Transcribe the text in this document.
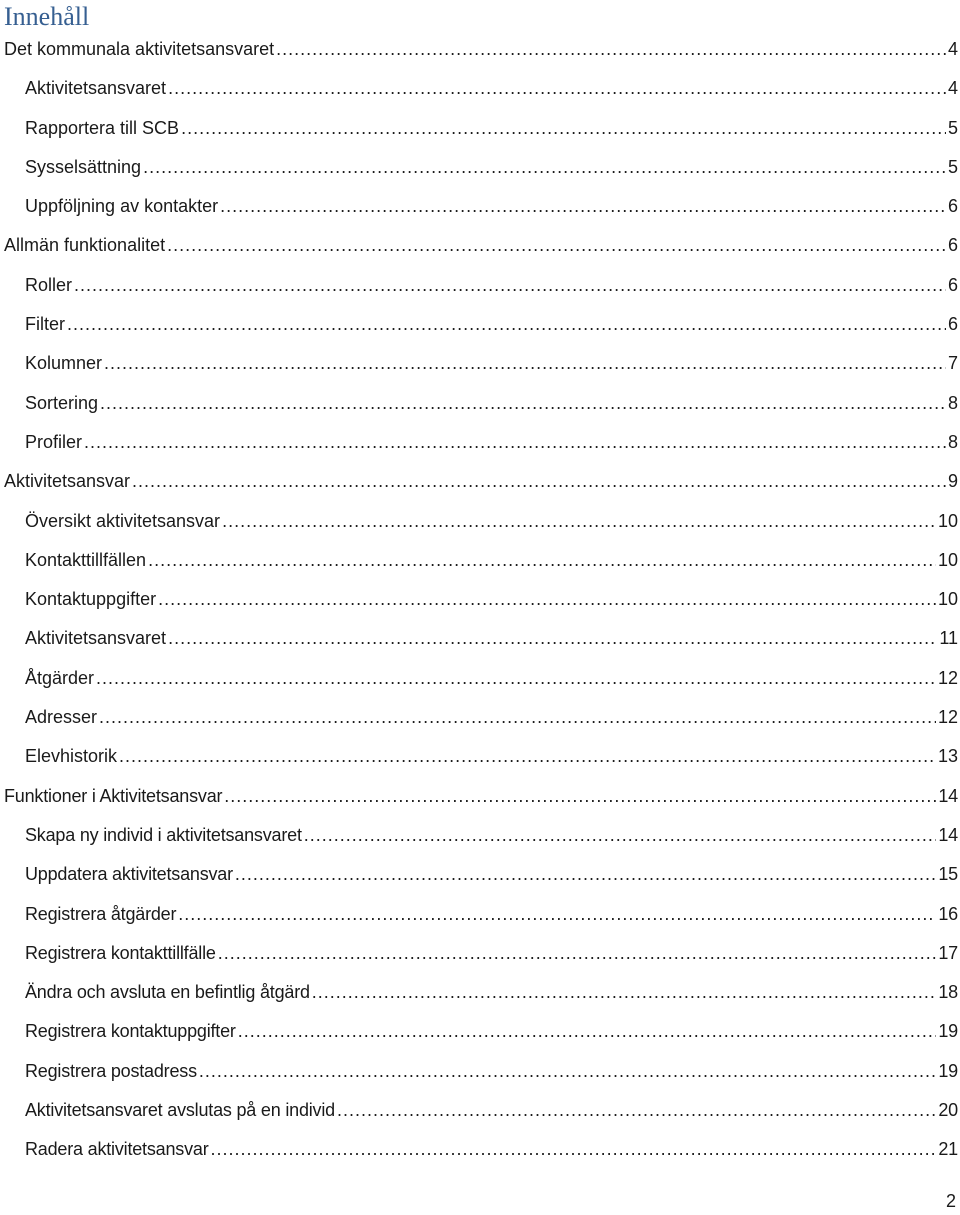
Innehåll
Det kommunala aktivitetsansvaret .....	4
Aktivitetsansvaret .....	4
Rapportera till SCB .....	5
Sysselsättning .....	5
Uppföljning av kontakter .....	6
Allmän funktionalitet .....	6
Roller .....	6
Filter .....	6
Kolumner .....	7
Sortering .....	8
Profiler .....	8
Aktivitetsansvar .....	9
Översikt aktivitetsansvar .....	10
Kontakttillfällen .....	10
Kontaktuppgifter .....	10
Aktivitetsansvaret .....	11
Åtgärder .....	12
Adresser .....	12
Elevhistorik .....	13
Funktioner i Aktivitetsansvar .....	14
Skapa ny individ i aktivitetsansvaret .....	14
Uppdatera aktivitetsansvar .....	15
Registrera åtgärder .....	16
Registrera kontakttillfälle .....	17
Ändra och avsluta en befintlig åtgärd .....	18
Registrera kontaktuppgifter .....	19
Registrera postadress .....	19
Aktivitetsansvaret avslutas på en individ .....	20
Radera aktivitetsansvar .....	21
2
